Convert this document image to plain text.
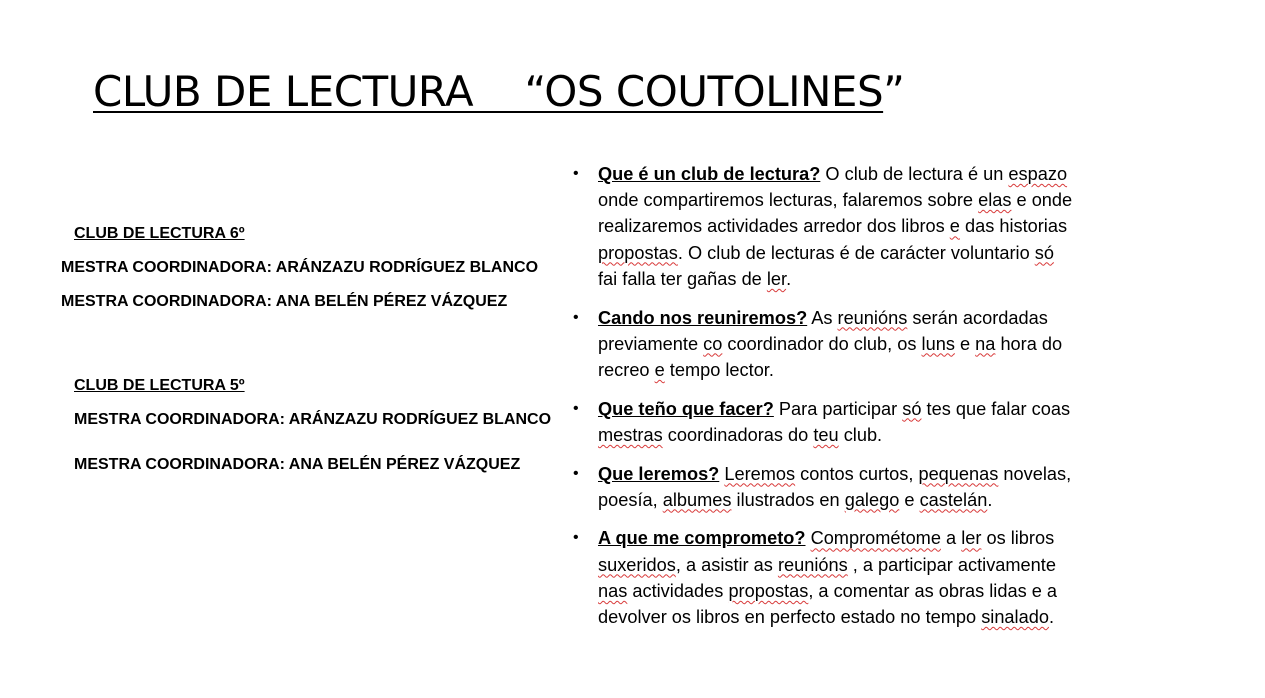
CLUB DE LECTURA    “OS COUTOLINES”
CLUB DE LECTURA 6º
MESTRA COORDINADORA: ARÁNZAZU RODRÍGUEZ BLANCO
MESTRA COORDINADORA: ANA BELÉN PÉREZ VÁZQUEZ
CLUB DE LECTURA 5º
MESTRA COORDINADORA: ARÁNZAZU RODRÍGUEZ BLANCO
MESTRA COORDINADORA: ANA BELÉN PÉREZ VÁZQUEZ
• Que é un club de lectura? O club de lectura é un espazo onde compartiremos lecturas, falaremos sobre elas e onde realizaremos actividades arredor dos libros e das historias propostas. O club de lecturas é de carácter voluntario só fai falla ter gañas de ler.
• Cando nos reuniremos? As reunións serán acordadas previamente co coordinador do club, os luns e na hora do recreo e tempo lector.
• Que teño que facer? Para participar só tes que falar coas mestras coordinadoras do teu club.
• Que leremos? Leremos contos curtos, pequenas novelas, poesía, albumes ilustrados en galego e castelán.
• A que me comprometo? Comprométome a ler os libros suxeridos, a asistir as reunións , a participar activamente nas actividades propostas, a comentar as obras lidas e a devolver os libros en perfecto estado no tempo sinalado.
